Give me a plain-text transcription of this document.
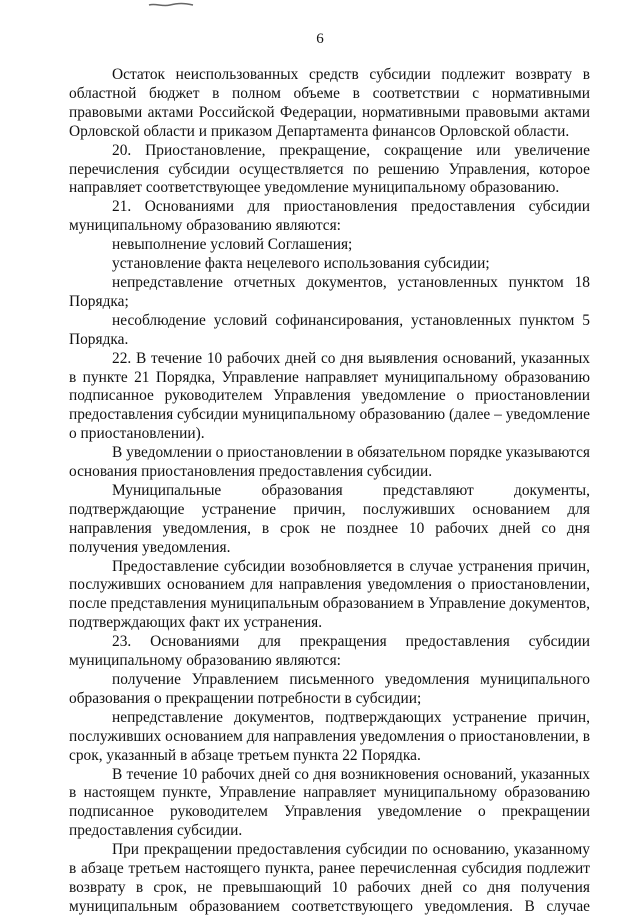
6

Остаток неиспользованных средств субсидии подлежит возврату в областной бюджет в полном объеме в соответствии с нормативными правовыми актами Российской Федерации, нормативными правовыми актами Орловской области и приказом Департамента финансов Орловской области.

20. Приостановление, прекращение, сокращение или увеличение перечисления субсидии осуществляется по решению Управления, которое направляет соответствующее уведомление муниципальному образованию.

21. Основаниями для приостановления предоставления субсидии муниципальному образованию являются:

невыполнение условий Соглашения;

установление факта нецелевого использования субсидии;

непредставление отчетных документов, установленных пунктом 18 Порядка;

несоблюдение условий софинансирования, установленных пунктом 5 Порядка.

22. В течение 10 рабочих дней со дня выявления оснований, указанных в пункте 21 Порядка, Управление направляет муниципальному образованию подписанное руководителем Управления уведомление о приостановлении предоставления субсидии муниципальному образованию (далее – уведомление о приостановлении).

В уведомлении о приостановлении в обязательном порядке указываются основания приостановления предоставления субсидии.

Муниципальные образования представляют документы, подтверждающие устранение причин, послуживших основанием для направления уведомления, в срок не позднее 10 рабочих дней со дня получения уведомления.

Предоставление субсидии возобновляется в случае устранения причин, послуживших основанием для направления уведомления о приостановлении, после представления муниципальным образованием в Управление документов, подтверждающих факт их устранения.

23. Основаниями для прекращения предоставления субсидии муниципальному образованию являются:

получение Управлением письменного уведомления муниципального образования о прекращении потребности в субсидии;

непредставление документов, подтверждающих устранение причин, послуживших основанием для направления уведомления о приостановлении, в срок, указанный в абзаце третьем пункта 22 Порядка.

В течение 10 рабочих дней со дня возникновения оснований, указанных в настоящем пункте, Управление направляет муниципальному образованию подписанное руководителем Управления уведомление о прекращении предоставления субсидии.

При прекращении предоставления субсидии по основанию, указанному в абзаце третьем настоящего пункта, ранее перечисленная субсидия подлежит возврату в срок, не превышающий 10 рабочих дней со дня получения муниципальным образованием соответствующего уведомления. В случае
